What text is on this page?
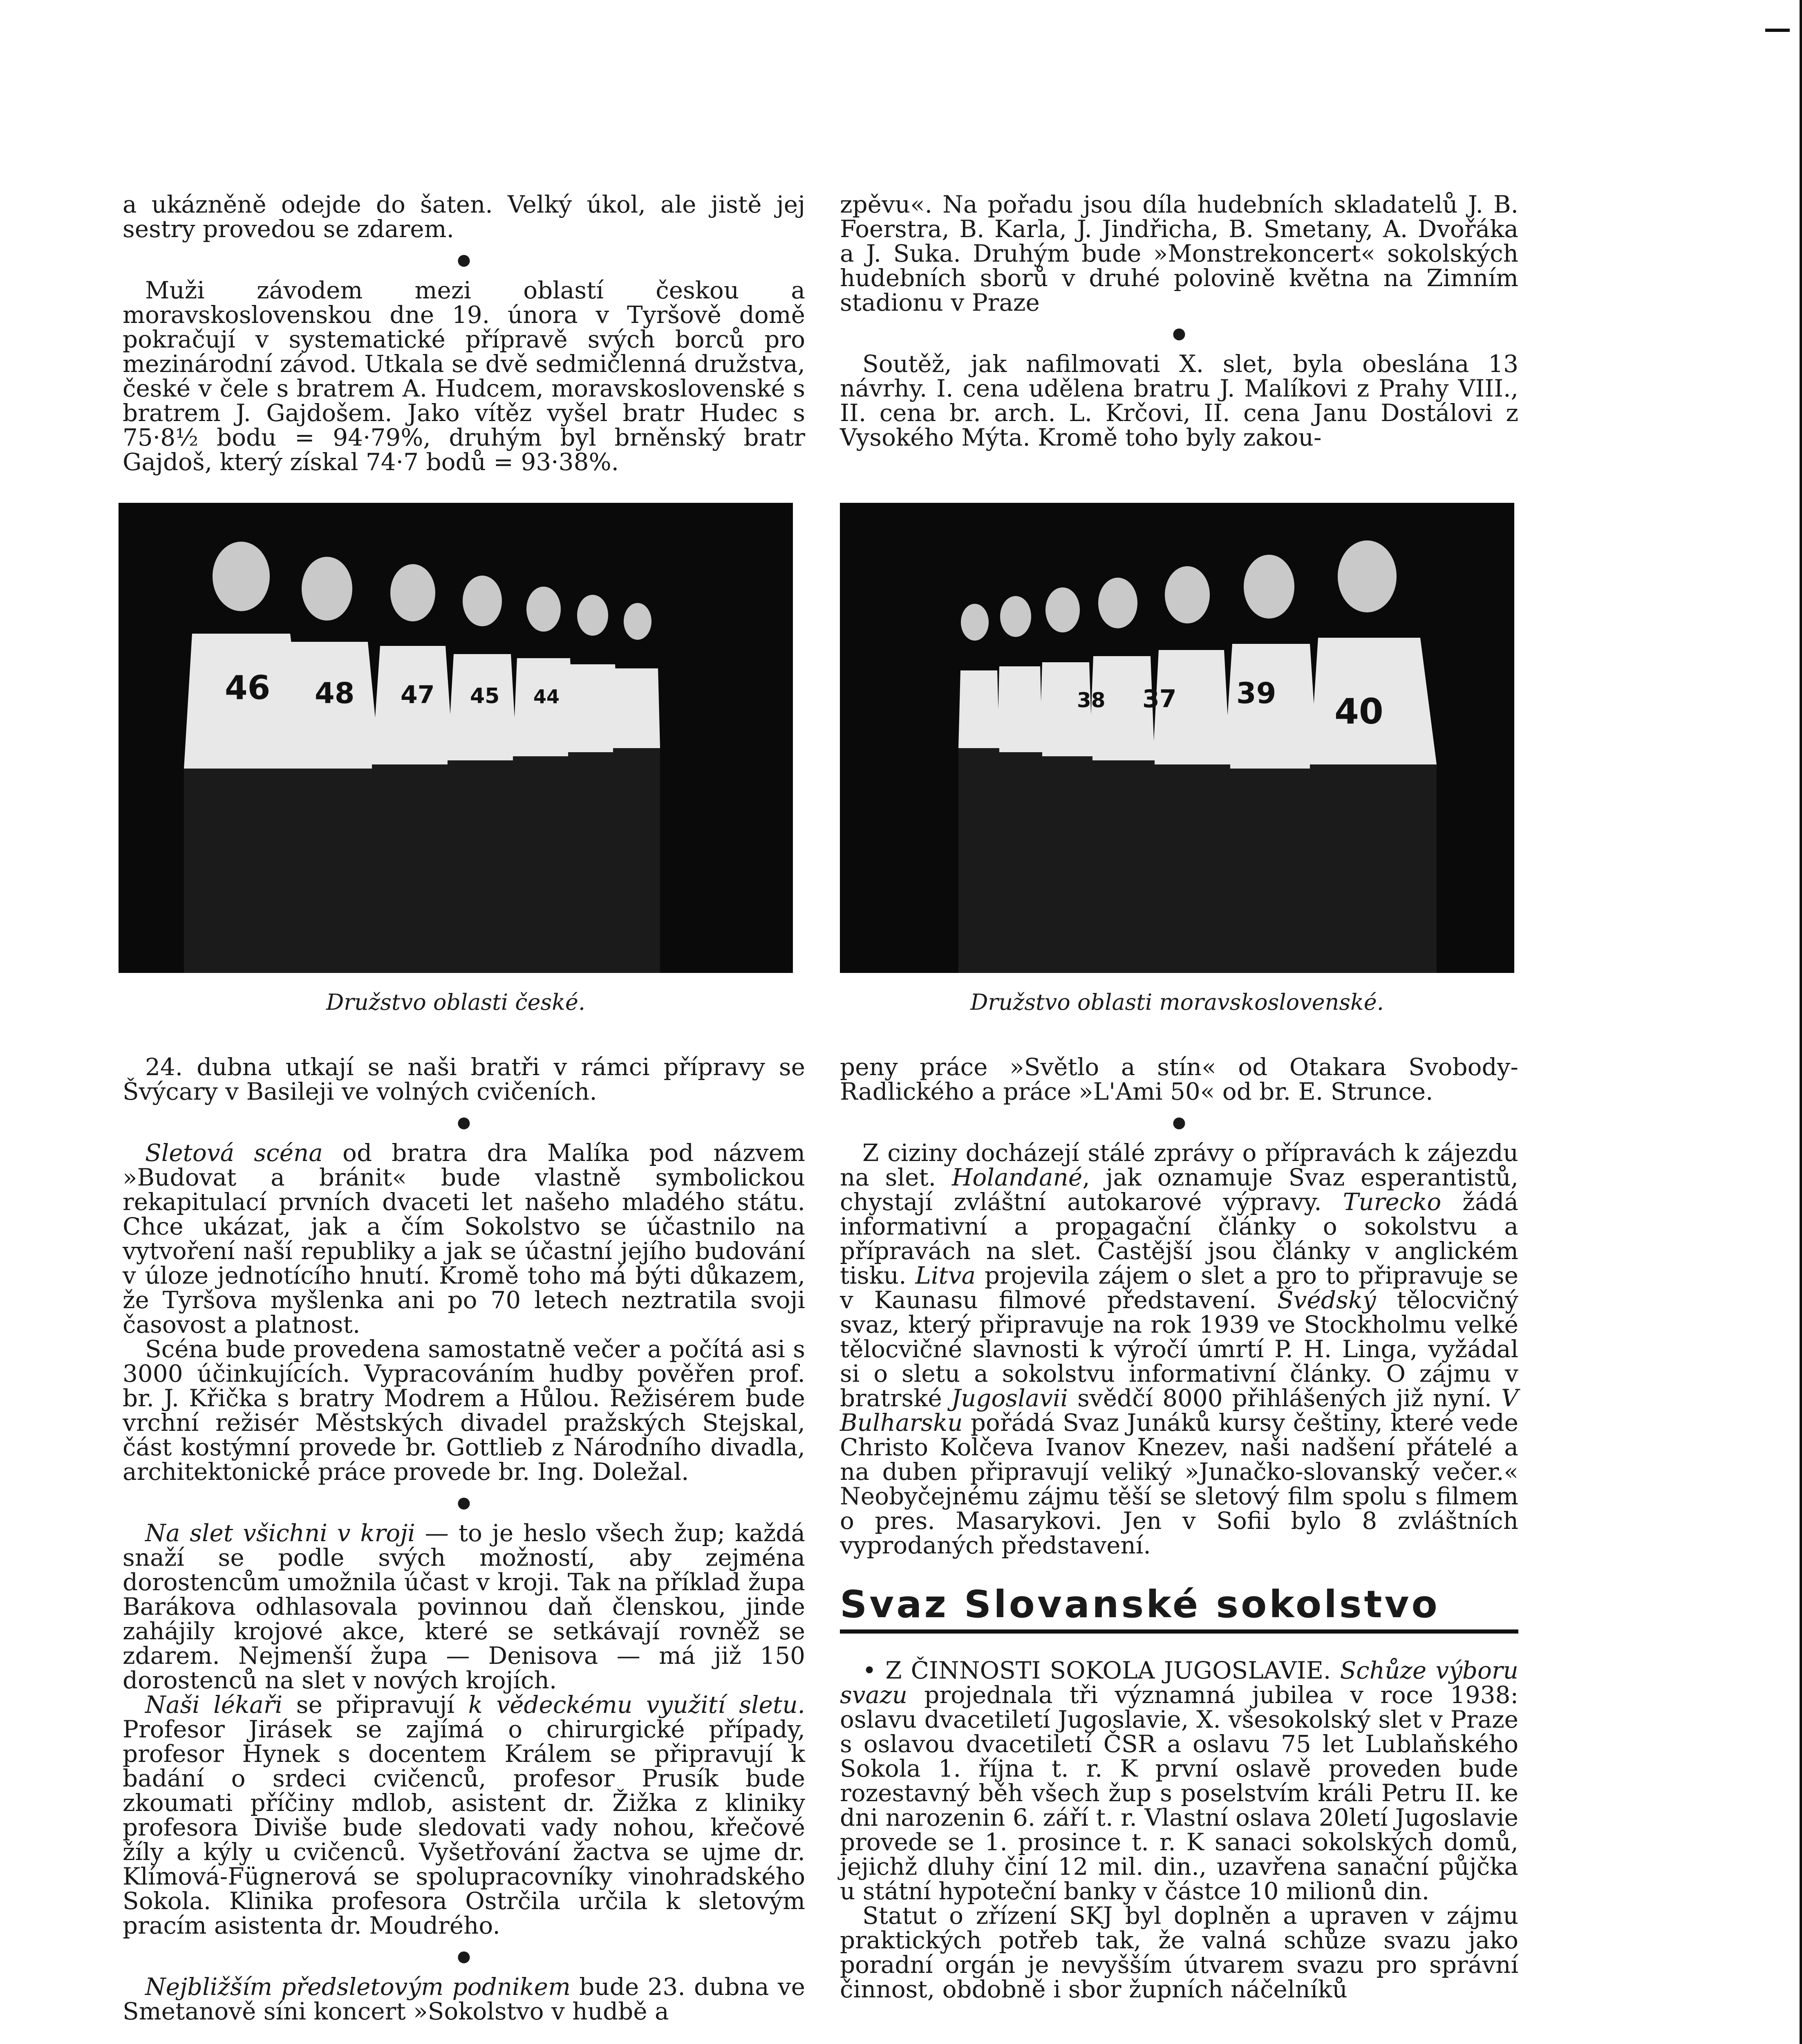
a ukázněně odejde do šaten. Velký úkol, ale jistě jej sestry provedou se zdarem.

●

Muži závodem mezi oblastí českou a moravskoslovenskou dne 19. února v Tyršově domě pokračují v systematické přípravě svých borců pro mezinárodní závod. Utkala se dvě sedmičlenná družstva, české v čele s bratrem A. Hudcem, moravskoslovenské s bratrem J. Gajdošem. Jako vítěz vyšel bratr Hudec s 75·8½ bodu = 94·79%, druhým byl brněnský bratr Gajdoš, který získal 74·7 bodů = 93·38%.

zpěvu«. Na pořadu jsou díla hudebních skladatelů J. B. Foerstra, B. Karla, J. Jindřicha, B. Smetany, A. Dvořáka a J. Suka. Druhým bude »Monstrekoncert« sokolských hudebních sborů v druhé polovině května na Zimním stadionu v Praze

●

Soutěž, jak nafilmovati X. slet, byla obeslána 13 návrhy. I. cena udělena bratru J. Malíkovi z Prahy VIII., II. cena br. arch. L. Krčovi, II. cena Janu Dostálovi z Vysokého Mýta. Kromě toho byly zakou-

46 48 47 45 44
Družstvo oblasti české.
38 37 39 40
Družstvo oblasti moravskoslovenské.

24. dubna utkají se naši bratři v rámci přípravy se Švýcary v Basileji ve volných cvičeních.

●

Sletová scéna od bratra dra Malíka pod názvem »Budovat a bránit« bude vlastně symbolickou rekapitulací prvních dvaceti let našeho mladého státu. Chce ukázat, jak a čím Sokolstvo se účastnilo na vytvoření naší republiky a jak se účastní jejího budování v úloze jednotícího hnutí. Kromě toho má býti důkazem, že Tyršova myšlenka ani po 70 letech neztratila svoji časovost a platnost.

Scéna bude provedena samostatně večer a počítá asi s 3000 účinkujících. Vypracováním hudby pověřen prof. br. J. Křička s bratry Modrem a Hůlou. Režisérem bude vrchní režisér Městských divadel pražských Stejskal, část kostýmní provede br. Gottlieb z Národního divadla, architektonické práce provede br. Ing. Doležal.

●

Na slet všichni v kroji — to je heslo všech žup; každá snaží se podle svých možností, aby zejména dorostencům umožnila účast v kroji. Tak na příklad župa Barákova odhlasovala povinnou daň členskou, jinde zahájily krojové akce, které se setkávají rovněž se zdarem. Nejmenší župa — Denisova — má již 150 dorostenců na slet v nových krojích.

Naši lékaři se připravují k vědeckému využití sletu. Profesor Jirásek se zajímá o chirurgické případy, profesor Hynek s docentem Králem se připravují k badání o srdeci cvičenců, profesor Prusík bude zkoumati příčiny mdlob, asistent dr. Žižka z kliniky profesora Diviše bude sledovati vady nohou, křečové žíly a kýly u cvičenců. Vyšetřování žactva se ujme dr. Klímová-Fügnerová se spolupracovníky vinohradského Sokola. Klinika profesora Ostrčila určila k sletovým pracím asistenta dr. Moudrého.

●

Nejbližším předsletovým podnikem bude 23. dubna ve Smetanově síni koncert »Sokolstvo v hudbě a

peny práce »Světlo a stín« od Otakara Svobody-Radlického a práce »L'Ami 50« od br. E. Strunce.

●

Z ciziny docházejí stálé zprávy o přípravách k zájezdu na slet. Holandané, jak oznamuje Svaz esperantistů, chystají zvláštní autokarové výpravy. Turecko žádá informativní a propagační články o sokolstvu a přípravách na slet. Častější jsou články v anglickém tisku. Litva projevila zájem o slet a pro to připravuje se v Kaunasu filmové představení. Švédský tělocvičný svaz, který připravuje na rok 1939 ve Stockholmu velké tělocvičné slavnosti k výročí úmrtí P. H. Linga, vyžádal si o sletu a sokolstvu informativní články. O zájmu v bratrské Jugoslavii svědčí 8000 přihlášených již nyní. V Bulharsku pořádá Svaz Junáků kursy češtiny, které vede Christo Kolčeva Ivanov Knezev, naši nadšení přátelé a na duben připravují veliký »Junačko-slovanský večer.« Neobyčejnému zájmu těší se sletový film spolu s filmem o pres. Masarykovi. Jen v Sofii bylo 8 zvláštních vyprodaných představení.

Svaz Slovanské sokolstvo

• Z ČINNOSTI SOKOLA JUGOSLAVIE. Schůze výboru svazu projednala tři významná jubilea v roce 1938: oslavu dvacetiletí Jugoslavie, X. všesokolský slet v Praze s oslavou dvacetiletí ČSR a oslavu 75 let Lublaňského Sokola 1. října t. r. K první oslavě proveden bude rozestavný běh všech žup s poselstvím králi Petru II. ke dni narozenin 6. září t. r. Vlastní oslava 20letí Jugoslavie provede se 1. prosince t. r. K sanaci sokolských domů, jejichž dluhy činí 12 mil. din., uzavřena sanační půjčka u státní hypoteční banky v částce 10 milionů din.

Statut o zřízení SKJ byl doplněn a upraven v zájmu praktických potřeb tak, že valná schůze svazu jako poradní orgán je nevyšším útvarem svazu pro správní činnost, obdobně i sbor župních náčelníků
